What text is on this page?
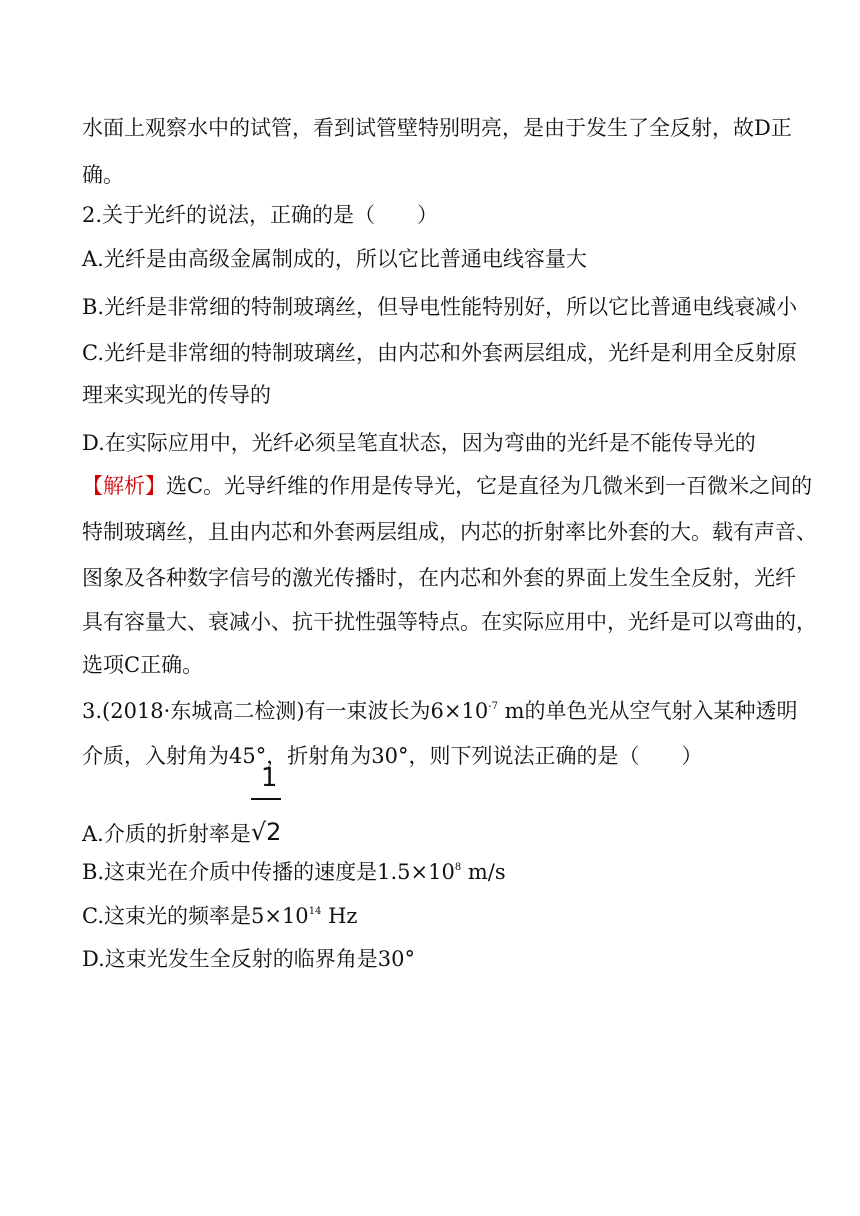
水面上观察水中的试管，看到试管壁特别明亮，是由于发生了全反射，故D正
确。
2.关于光纤的说法，正确的是（　　）
A.光纤是由高级金属制成的，所以它比普通电线容量大
B.光纤是非常细的特制玻璃丝，但导电性能特别好，所以它比普通电线衰减小
C.光纤是非常细的特制玻璃丝，由内芯和外套两层组成，光纤是利用全反射原
理来实现光的传导的
D.在实际应用中，光纤必须呈笔直状态，因为弯曲的光纤是不能传导光的
【解析】选C。光导纤维的作用是传导光，它是直径为几微米到一百微米之间的
特制玻璃丝，且由内芯和外套两层组成，内芯的折射率比外套的大。载有声音、
图象及各种数字信号的激光传播时，在内芯和外套的界面上发生全反射，光纤
具有容量大、衰减小、抗干扰性强等特点。在实际应用中，光纤是可以弯曲的，
选项C正确。
3.(2018·东城高二检测)有一束波长为$6\times 10^{-7}$ m的单色光从空气射入某种透明
介质，入射角为45°，折射角为30°，则下列说法正确的是（　　）
A.介质的折射率是 $\frac{1}{√2}$
B.这束光在介质中传播的速度是$1.5\times 10^8$ m/s
C.这束光的频率是$5\times 10^{14}$ Hz
D.这束光发生全反射的临界角是30°
